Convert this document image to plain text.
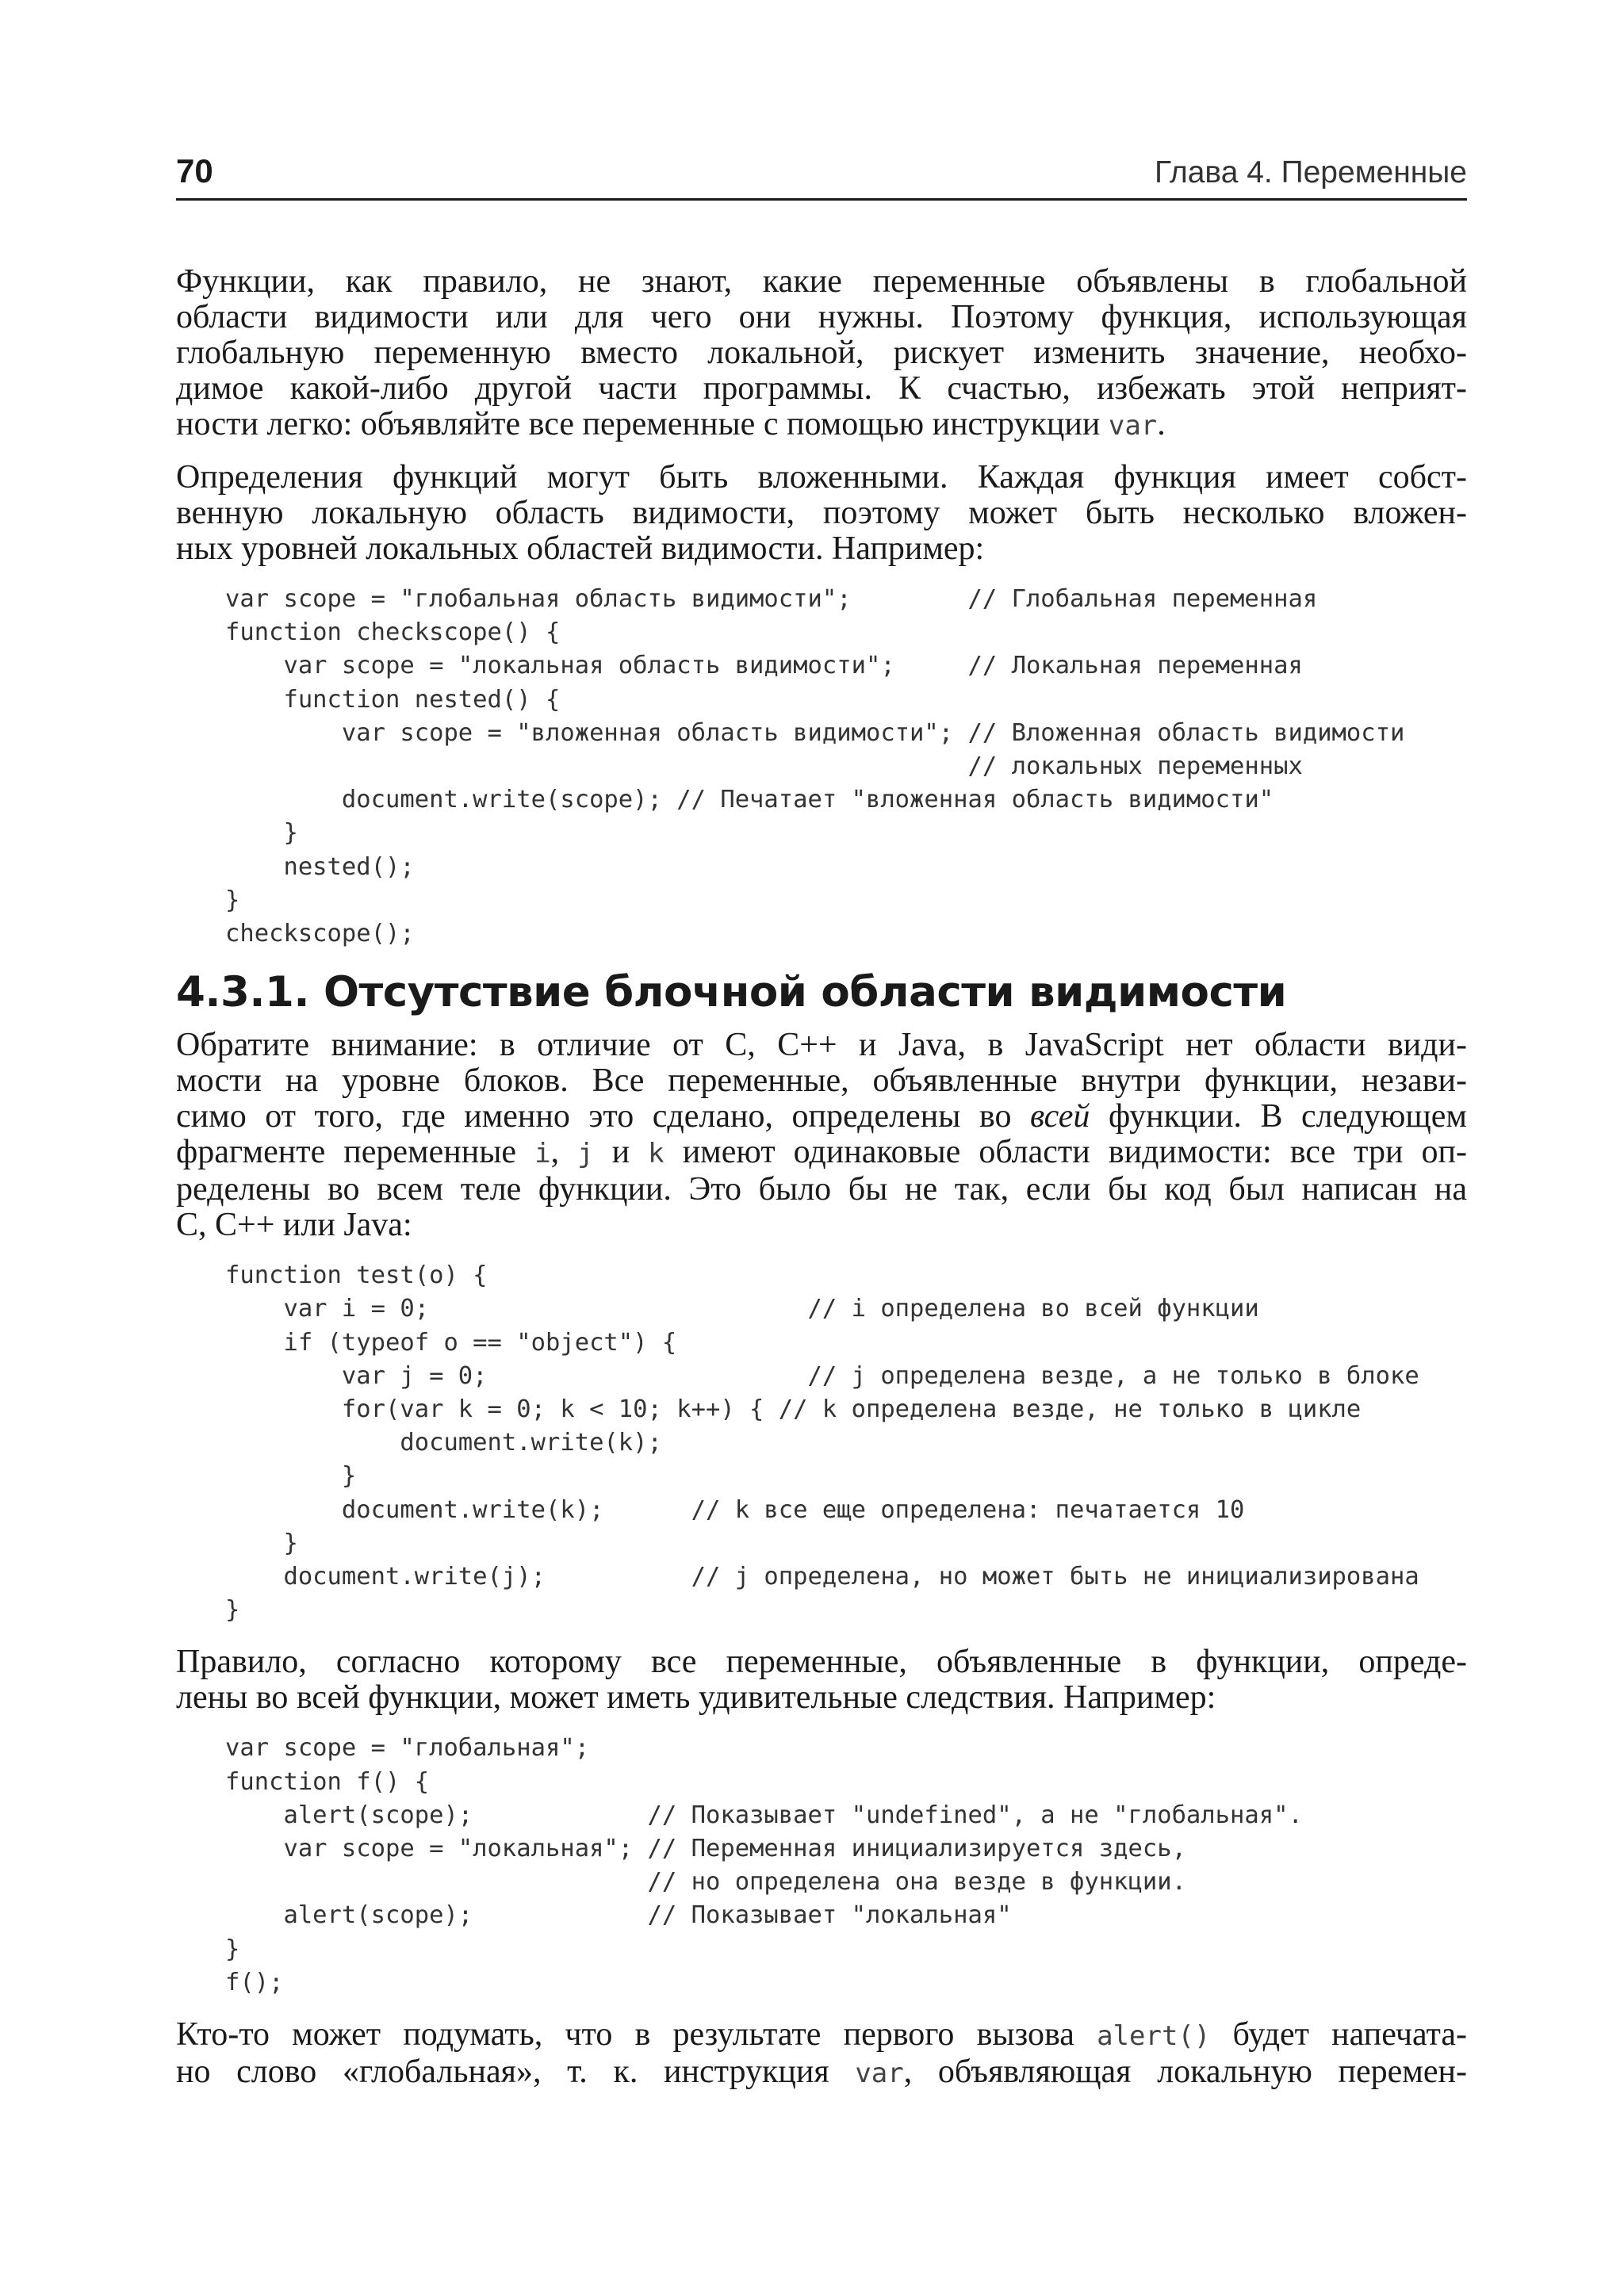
70	Глава 4. Переменные

Функции, как правило, не знают, какие переменные объявлены в глобальной
области видимости или для чего они нужны. Поэтому функция, использующая
глобальную переменную вместо локальной, рискует изменить значение, необхо-
димое какой-либо другой части программы. К счастью, избежать этой неприят-
ности легко: объявляйте все переменные с помощью инструкции var.

Определения функций могут быть вложенными. Каждая функция имеет собст-
венную локальную область видимости, поэтому может быть несколько вложен-
ных уровней локальных областей видимости. Например:

var scope = "глобальная область видимости";        // Глобальная переменная
function checkscope() {
var scope = "локальная область видимости";     // Локальная переменная
function nested() {
var scope = "вложенная область видимости"; // Вложенная область видимости
// локальных переменных
document.write(scope); // Печатает "вложенная область видимости"
}
nested();
}
checkscope();
4.3.1. Отсутствие блочной области видимости

Обратите внимание: в отличие от C, C++ и Java, в JavaScript нет области види-
мости на уровне блоков. Все переменные, объявленные внутри функции, незави-
симо от того, где именно это сделано, определены во всей функции. В следующем
фрагменте переменные i, j и k имеют одинаковые области видимости: все три оп-
ределены во всем теле функции. Это было бы не так, если бы код был написан на
C, C++ или Java:

function test(o) {
var i = 0;                          // i определена во всей функции
if (typeof o == "object") {
var j = 0;                      // j определена везде, а не только в блоке
for(var k = 0; k < 10; k++) { // k определена везде, не только в цикле
document.write(k);
}
document.write(k);      // k все еще определена: печатается 10
}
document.write(j);          // j определена, но может быть не инициализирована
}

Правило, согласно которому все переменные, объявленные в функции, опреде-
лены во всей функции, может иметь удивительные следствия. Например:

var scope = "глобальная";
function f() {
alert(scope);            // Показывает "undefined", а не "глобальная".
var scope = "локальная"; // Переменная инициализируется здесь,
// но определена она везде в функции.
alert(scope);            // Показывает "локальная"
}
f();

Кто-то может подумать, что в результате первого вызова alert() будет напечата-
но слово «глобальная», т. к. инструкция var, объявляющая локальную перемен-
